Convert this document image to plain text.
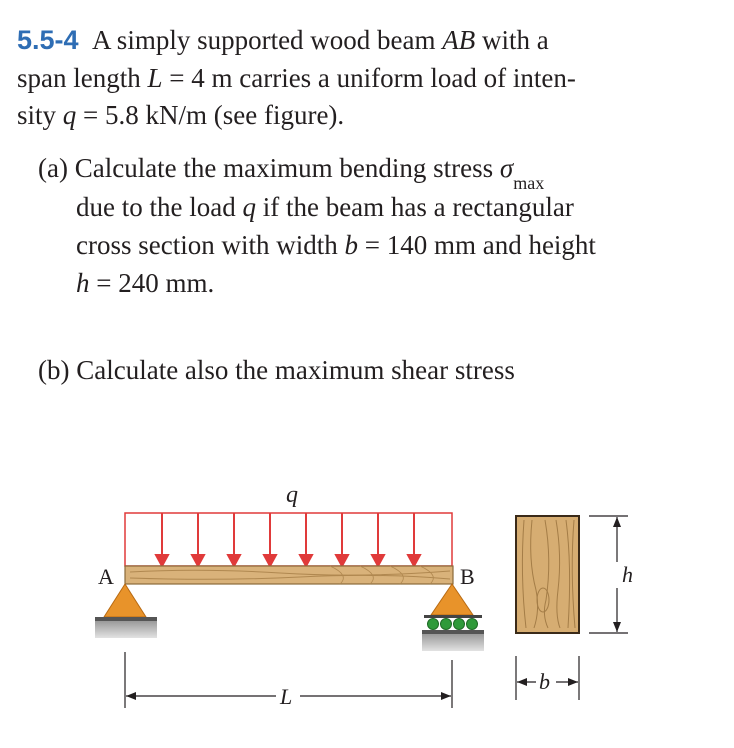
5.5-4 A simply supported wood beam AB with a
span length L = 4 m carries a uniform load of inten-
sity q = 5.8 kN/m (see figure).
(a) Calculate the maximum bending stress $\sigma_{max}$
due to the load q if the beam has a rectangular
cross section with width b = 140 mm and height
h = 240 mm.
(b) Calculate also the maximum shear stress
q
A	B
L
h
b
